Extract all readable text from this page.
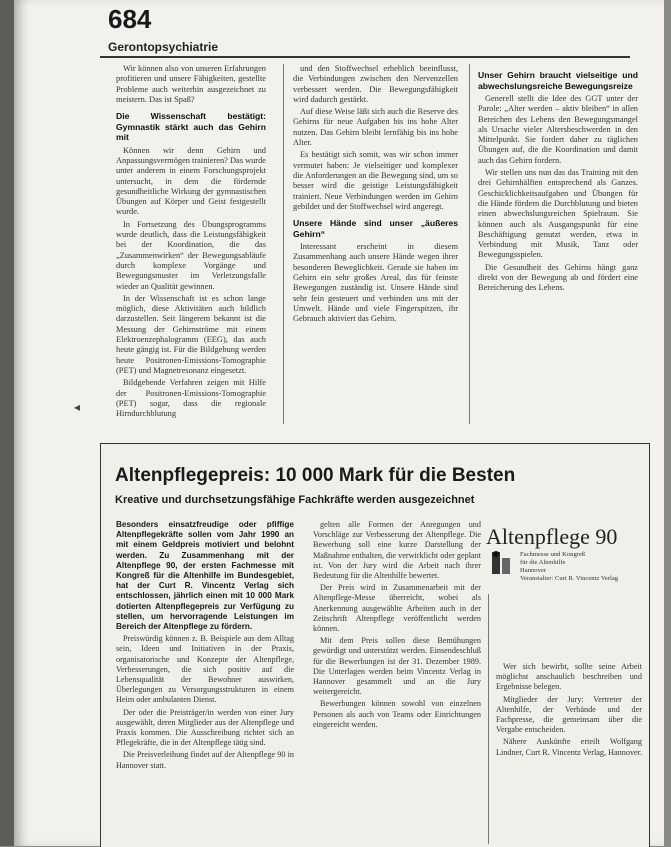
684
Gerontopsychiatrie

Wir können also von unseren Erfahrungen profitieren und unsere Fähigkeiten, gestellte Probleme auch weiterhin ausgezeichnet zu meistern. Das ist Spaß?

Die Wissenschaft bestätigt: Gymnastik stärkt auch das Gehirn mit

Können wir denn Gehirn und Anpassungsvermögen trainieren? Das wurde unter anderem in einem Forschungsprojekt untersucht, in dem die fördernde gesundheitliche Wirkung der gymnastischen Übungen auf Körper und Geist festgestellt wurde.

In Fortsetzung des Übungsprogramms wurde deutlich, dass die Leistungsfähigkeit bei der Koordination, die das „Zusammenwirken“ der Bewegungsabläufe durch komplexe Vorgänge und Bewegungsmuster im Verletzungsfalle wieder an Qualität gewinnen.

In der Wissenschaft ist es schon lange möglich, diese Aktivitäten auch bildlich darzustellen. Seit längerem bekannt ist die Messung der Gehirnströme mit einem Elektroenzephalogramm (EEG), das auch heute gängig ist. Für die Bildgebung werden heute Positronen-Emissions-Tomographie (PET) und Magnetresonanz eingesetzt.

Bildgebende Verfahren zeigen mit Hilfe der Positronen-Emissions-Tomographie (PET) sogar, dass die regionale Hirndurchblutung

und den Stoffwechsel erheblich beeinflusst, die Verbindungen zwischen den Nervenzellen verbessert werden. Die Bewegungsfähigkeit wird dadurch gestärkt.

Auf diese Weise läßt sich auch die Reserve des Gehirns für neue Aufgaben bis ins hohe Alter nutzen. Das Gehirn bleibt lernfähig bis ins hohe Alter.

Es bestätigt sich somit, was wir schon immer vermutet haben: Je vielseitiger und komplexer die Anforderungen an die Bewegung sind, um so besser wird die geistige Leistungsfähigkeit trainiert. Neue Verbindungen werden im Gehirn gebildet und der Stoffwechsel wird angeregt.

Unsere Hände sind unser „äußeres Gehirn“

Interessant erscheint in diesem Zusammenhang auch unsere Hände wegen ihrer besonderen Beweglichkeit. Gerade sie haben im Gehirn ein sehr großes Areal, das für feinste Bewegungen zuständig ist. Unsere Hände sind sehr fein gesteuert und verbinden uns mit der Umwelt. Hände und viele Fingerspitzen, ihr Gebrauch aktiviert das Gehirn.

Unser Gehirn braucht vielseitige und abwechslungsreiche Bewegungsreize

Generell stellt die Idee des GGT unter der Parole: „Alter werden – aktiv bleiben“ in allen Bereichen des Lebens den Bewegungsmangel als Ursache vieler Altersbeschwerden in den Mittelpunkt. Sie fordert daher zu täglichen Übungen auf, die die Koordination und damit auch das Gehirn fordern.

Wir stellen uns nun das das Training mit den drei Gehirnhälften entsprechend als Ganzes. Geschicklichkeitsaufgaben und Übungen für die Hände fördern die Durchblutung und bieten einen abwechslungsreichen Spielraum. Sie können auch als Ausgangspunkt für eine Beschäftigung genutzt werden, etwa in Verbindung mit Musik, Tanz oder Bewegungsspielen.

Die Gesundheit des Gehirns hängt ganz direkt von der Bewegung ab und fördert eine Bereicherung des Lebens.

◂
Altenpflegepreis: 10 000 Mark für die Besten
Kreative und durchsetzungsfähige Fachkräfte werden ausgezeichnet

Besonders einsatzfreudige oder pfiffige Altenpflegekräfte sollen vom Jahr 1990 an mit einem Geldpreis motiviert und belohnt werden. Zu Zusammenhang mit der Altenpflege 90, der ersten Fachmesse mit Kongreß für die Altenhilfe im Bundesgebiet, hat der Curt R. Vincentz Verlag sich entschlossen, jährlich einen mit 10 000 Mark dotierten Altenpflegepreis zur Verfügung zu stellen, um hervorragende Leistungen im Bereich der Altenpflege zu fördern.

Preiswürdig können z. B. Beispiele aus dem Alltag sein, Ideen und Initiativen in der Praxis, organisatorische und Konzepte der Altenpflege, Verbesserungen, die sich positiv auf die Lebensqualität der Bewohner auswirken, Überlegungen zu Versorgungsstrukturen in einem Heim oder ambulanten Dienst.

Der oder die Preisträger/in werden von einer Jury ausgewählt, deren Mitglieder aus der Altenpflege und Praxis kommen. Die Ausschreibung richtet sich an Pflegekräfte, die in der Altenpflege tätig sind.

Die Preisverleihung findet auf der Altenpflege 90 in Hannover statt.

gelten alle Formen der Anregungen und Vorschläge zur Verbesserung der Altenpflege. Die Bewerbung soll eine kurze Darstellung der Maßnahme enthalten, die verwirklicht oder geplant ist. Von der Jury wird die Arbeit nach ihrer Bedeutung für die Altenhilfe bewertet.

Der Preis wird in Zusammenarbeit mit der Altenpflege-Messe überreicht, wobei als Anerkennung ausgewählte Arbeiten auch in der Zeitschrift Altenpflege veröffentlicht werden können.

Mit dem Preis sollen diese Bemühungen gewürdigt und unterstützt werden. Einsendeschluß für die Bewerbungen ist der 31. Dezember 1989. Die Unterlagen werden beim Vincentz Verlag in Hannover gesammelt und an die Jury weitergereicht.

Bewerbungen können sowohl von einzelnen Personen als auch von Teams oder Einrichtungen eingereicht werden.

Altenpflege 90
Fachmesse und Kongreß
für die Altenhilfe
Hannover
Veranstalter: Curt R. Vincentz Verlag

Wer sich bewirbt, sollte seine Arbeit möglichst anschaulich beschreiben und Ergebnisse belegen.

Mitglieder der Jury: Vertreter der Altenhilfe, der Verbände und der Fachpresse, die gemeinsam über die Vergabe entscheiden.

Nähere Auskünfte erteilt Wolfgang Lindner, Curt R. Vincentz Verlag, Hannover.
